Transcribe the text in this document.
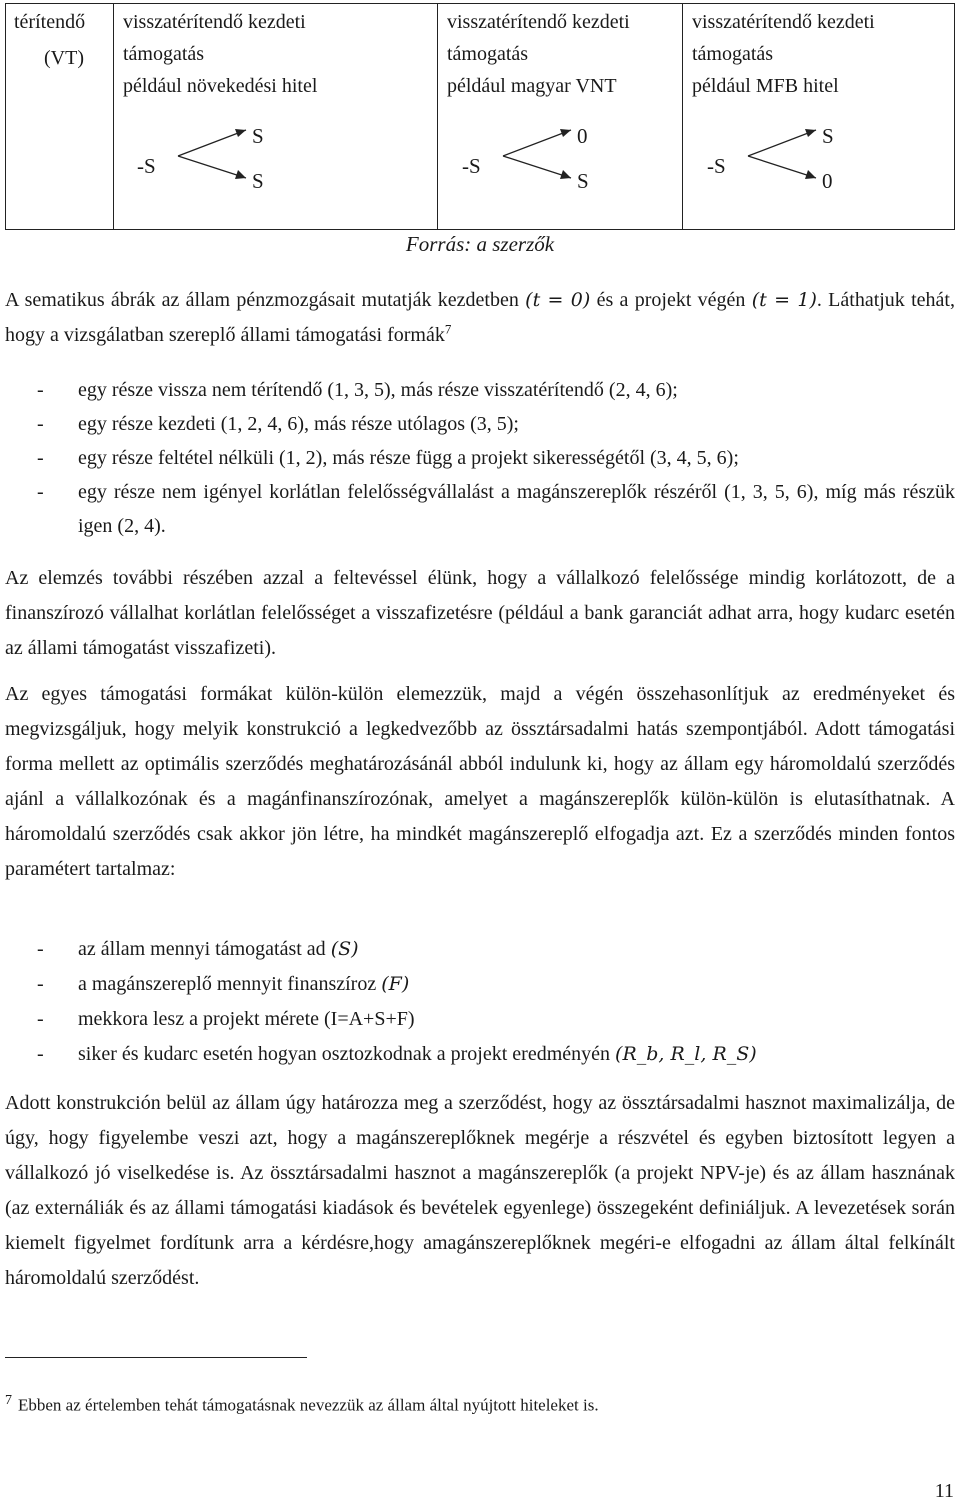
térítendő
(VT)
visszatérítendő kezdeti
támogatás
például növekedési hitel
visszatérítendő kezdeti
támogatás
például magyar VNT
visszatérítendő kezdeti
támogatás
például MFB hitel
-S
S
S
-S
0
S
-S
S
0
Forrás: a szerzők
A sematikus ábrák az állam pénzmozgásait mutatják kezdetben (t = 0) és a projekt végén (t = 1). Láthatjuk tehát, hogy a vizsgálatban szereplő állami támogatási formák$^7$
- egy része vissza nem térítendő (1, 3, 5), más része visszatérítendő (2, 4, 6);
- egy része kezdeti (1, 2, 4, 6), más része utólagos (3, 5);
- egy része feltétel nélküli (1, 2), más része függ a projekt sikerességétől (3, 4, 5, 6);
- egy része nem igényel korlátlan felelősségvállalást a magánszereplők részéről (1, 3, 5, 6), míg más részük igen (2, 4).
Az elemzés további részében azzal a feltevéssel élünk, hogy a vállalkozó felelőssége mindig korlátozott, de a finanszírozó vállalhat korlátlan felelősséget a visszafizetésre (például a bank garanciát adhat arra, hogy kudarc esetén az állami támogatást visszafizeti).
Az egyes támogatási formákat külön-külön elemezzük, majd a végén összehasonlítjuk az eredményeket és megvizsgáljuk, hogy melyik konstrukció a legkedvezőbb az össztársadalmi hatás szempontjából. Adott támogatási forma mellett az optimális szerződés meghatározásánál abból indulunk ki, hogy az állam egy háromoldalú szerződés ajánl a vállalkozónak és a magánfinanszírozónak, amelyet a magánszereplők külön-külön is elutasíthatnak. A háromoldalú szerződés csak akkor jön létre, ha mindkét magánszereplő elfogadja azt. Ez a szerződés minden fontos paramétert tartalmaz:
- az állam mennyi támogatást ad (S)
- a magánszereplő mennyit finanszíroz (F)
- mekkora lesz a projekt mérete (I=A+S+F)
- siker és kudarc esetén hogyan osztozkodnak a projekt eredményén (R_b, R_l, R_S)
Adott konstrukción belül az állam úgy határozza meg a szerződést, hogy az össztársadalmi hasznot maximalizálja, de úgy, hogy figyelembe veszi azt, hogy a magánszereplőknek megérje a részvétel és egyben biztosított legyen a vállalkozó jó viselkedése is. Az össztársadalmi hasznot a magánszereplők (a projekt NPV-je) és az állam hasznának (az externáliák és az állami támogatási kiadások és bevételek egyenlege) összegeként definiáljuk. A levezetések során kiemelt figyelmet fordítunk arra a kérdésre,hogy amagánszereplőknek megéri-e elfogadni az állam által felkínált háromoldalú szerződést.
$^7$ Ebben az értelemben tehát támogatásnak nevezzük az állam által nyújtott hiteleket is.
11
